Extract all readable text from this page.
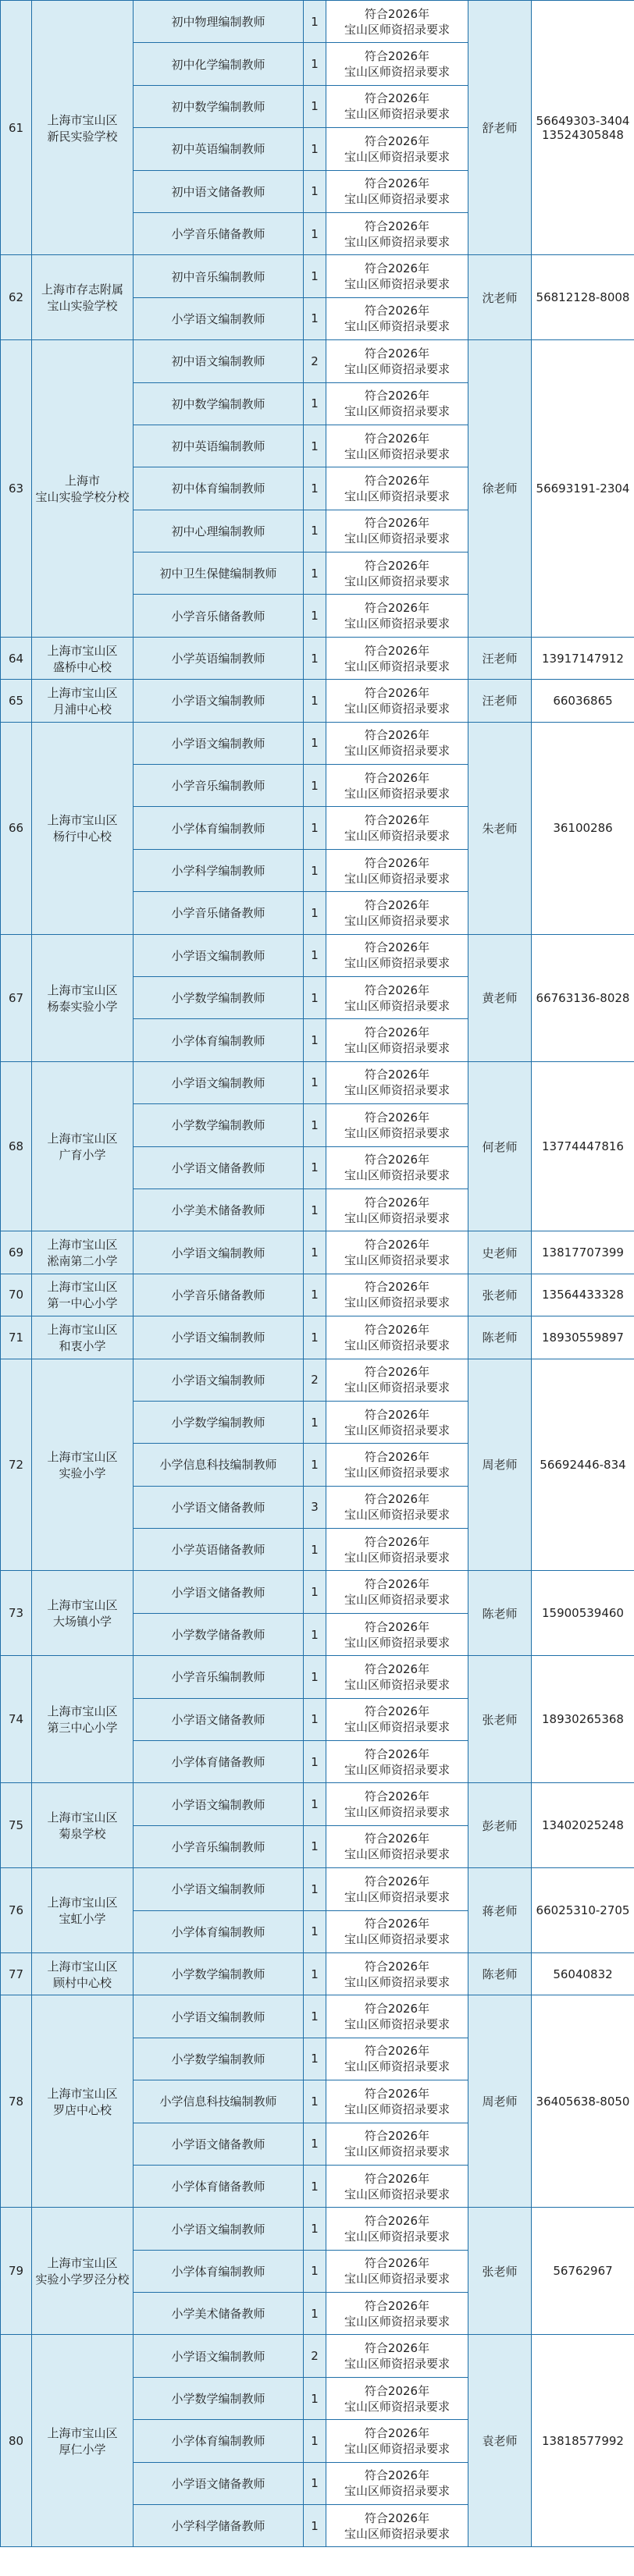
61	上海市宝山区
新民实验学校	初中物理编制教师	1	符合2026年
宝山区师资招录要求	舒老师	56649303-3404
13524305848

		初中化学编制教师	1	符合2026年
宝山区师资招录要求		

		初中数学编制教师	1	符合2026年
宝山区师资招录要求		

		初中英语编制教师	1	符合2026年
宝山区师资招录要求		

		初中语文储备教师	1	符合2026年
宝山区师资招录要求		

		小学音乐储备教师	1	符合2026年
宝山区师资招录要求		

62	上海市存志附属
宝山实验学校	初中音乐编制教师	1	符合2026年
宝山区师资招录要求	沈老师	56812128-8008

		小学语文编制教师	1	符合2026年
宝山区师资招录要求		

63	上海市
宝山实验学校分校	初中语文编制教师	2	符合2026年
宝山区师资招录要求	徐老师	56693191-2304

		初中数学编制教师	1	符合2026年
宝山区师资招录要求		

		初中英语编制教师	1	符合2026年
宝山区师资招录要求		

		初中体育编制教师	1	符合2026年
宝山区师资招录要求		

		初中心理编制教师	1	符合2026年
宝山区师资招录要求		

		初中卫生保健编制教师	1	符合2026年
宝山区师资招录要求		

		小学音乐储备教师	1	符合2026年
宝山区师资招录要求		

64	上海市宝山区
盛桥中心校	小学英语编制教师	1	符合2026年
宝山区师资招录要求	汪老师	13917147912

65	上海市宝山区
月浦中心校	小学语文编制教师	1	符合2026年
宝山区师资招录要求	汪老师	66036865

66	上海市宝山区
杨行中心校	小学语文编制教师	1	符合2026年
宝山区师资招录要求	朱老师	36100286

		小学音乐编制教师	1	符合2026年
宝山区师资招录要求		

		小学体育编制教师	1	符合2026年
宝山区师资招录要求		

		小学科学编制教师	1	符合2026年
宝山区师资招录要求		

		小学音乐储备教师	1	符合2026年
宝山区师资招录要求		

67	上海市宝山区
杨泰实验小学	小学语文编制教师	1	符合2026年
宝山区师资招录要求	黄老师	66763136-8028

		小学数学编制教师	1	符合2026年
宝山区师资招录要求		

		小学体育编制教师	1	符合2026年
宝山区师资招录要求		

68	上海市宝山区
广育小学	小学语文编制教师	1	符合2026年
宝山区师资招录要求	何老师	13774447816

		小学数学编制教师	1	符合2026年
宝山区师资招录要求		

		小学语文储备教师	1	符合2026年
宝山区师资招录要求		

		小学美术储备教师	1	符合2026年
宝山区师资招录要求		

69	上海市宝山区
淞南第二小学	小学语文编制教师	1	符合2026年
宝山区师资招录要求	史老师	13817707399

70	上海市宝山区
第一中心小学	小学音乐储备教师	1	符合2026年
宝山区师资招录要求	张老师	13564433328

71	上海市宝山区
和衷小学	小学语文编制教师	1	符合2026年
宝山区师资招录要求	陈老师	18930559897

72	上海市宝山区
实验小学	小学语文编制教师	2	符合2026年
宝山区师资招录要求	周老师	56692446-834

		小学数学编制教师	1	符合2026年
宝山区师资招录要求		

		小学信息科技编制教师	1	符合2026年
宝山区师资招录要求		

		小学语文储备教师	3	符合2026年
宝山区师资招录要求		

		小学英语储备教师	1	符合2026年
宝山区师资招录要求		

73	上海市宝山区
大场镇小学	小学语文储备教师	1	符合2026年
宝山区师资招录要求	陈老师	15900539460

		小学数学储备教师	1	符合2026年
宝山区师资招录要求		

74	上海市宝山区
第三中心小学	小学音乐编制教师	1	符合2026年
宝山区师资招录要求	张老师	18930265368

		小学语文储备教师	1	符合2026年
宝山区师资招录要求		

		小学体育储备教师	1	符合2026年
宝山区师资招录要求		

75	上海市宝山区
菊泉学校	小学语文编制教师	1	符合2026年
宝山区师资招录要求	彭老师	13402025248

		小学音乐编制教师	1	符合2026年
宝山区师资招录要求		

76	上海市宝山区
宝虹小学	小学语文编制教师	1	符合2026年
宝山区师资招录要求	蒋老师	66025310-2705

		小学体育编制教师	1	符合2026年
宝山区师资招录要求		

77	上海市宝山区
顾村中心校	小学数学编制教师	1	符合2026年
宝山区师资招录要求	陈老师	56040832

78	上海市宝山区
罗店中心校	小学语文编制教师	1	符合2026年
宝山区师资招录要求	周老师	36405638-8050

		小学数学编制教师	1	符合2026年
宝山区师资招录要求		

		小学信息科技编制教师	1	符合2026年
宝山区师资招录要求		

		小学语文储备教师	1	符合2026年
宝山区师资招录要求		

		小学体育储备教师	1	符合2026年
宝山区师资招录要求		

79	上海市宝山区
实验小学罗泾分校	小学语文编制教师	1	符合2026年
宝山区师资招录要求	张老师	56762967

		小学体育编制教师	1	符合2026年
宝山区师资招录要求		

		小学美术储备教师	1	符合2026年
宝山区师资招录要求		

80	上海市宝山区
厚仁小学	小学语文编制教师	2	符合2026年
宝山区师资招录要求	袁老师	13818577992

		小学数学编制教师	1	符合2026年
宝山区师资招录要求		

		小学体育编制教师	1	符合2026年
宝山区师资招录要求		

		小学语文储备教师	1	符合2026年
宝山区师资招录要求		

		小学科学储备教师	1	符合2026年
宝山区师资招录要求		
